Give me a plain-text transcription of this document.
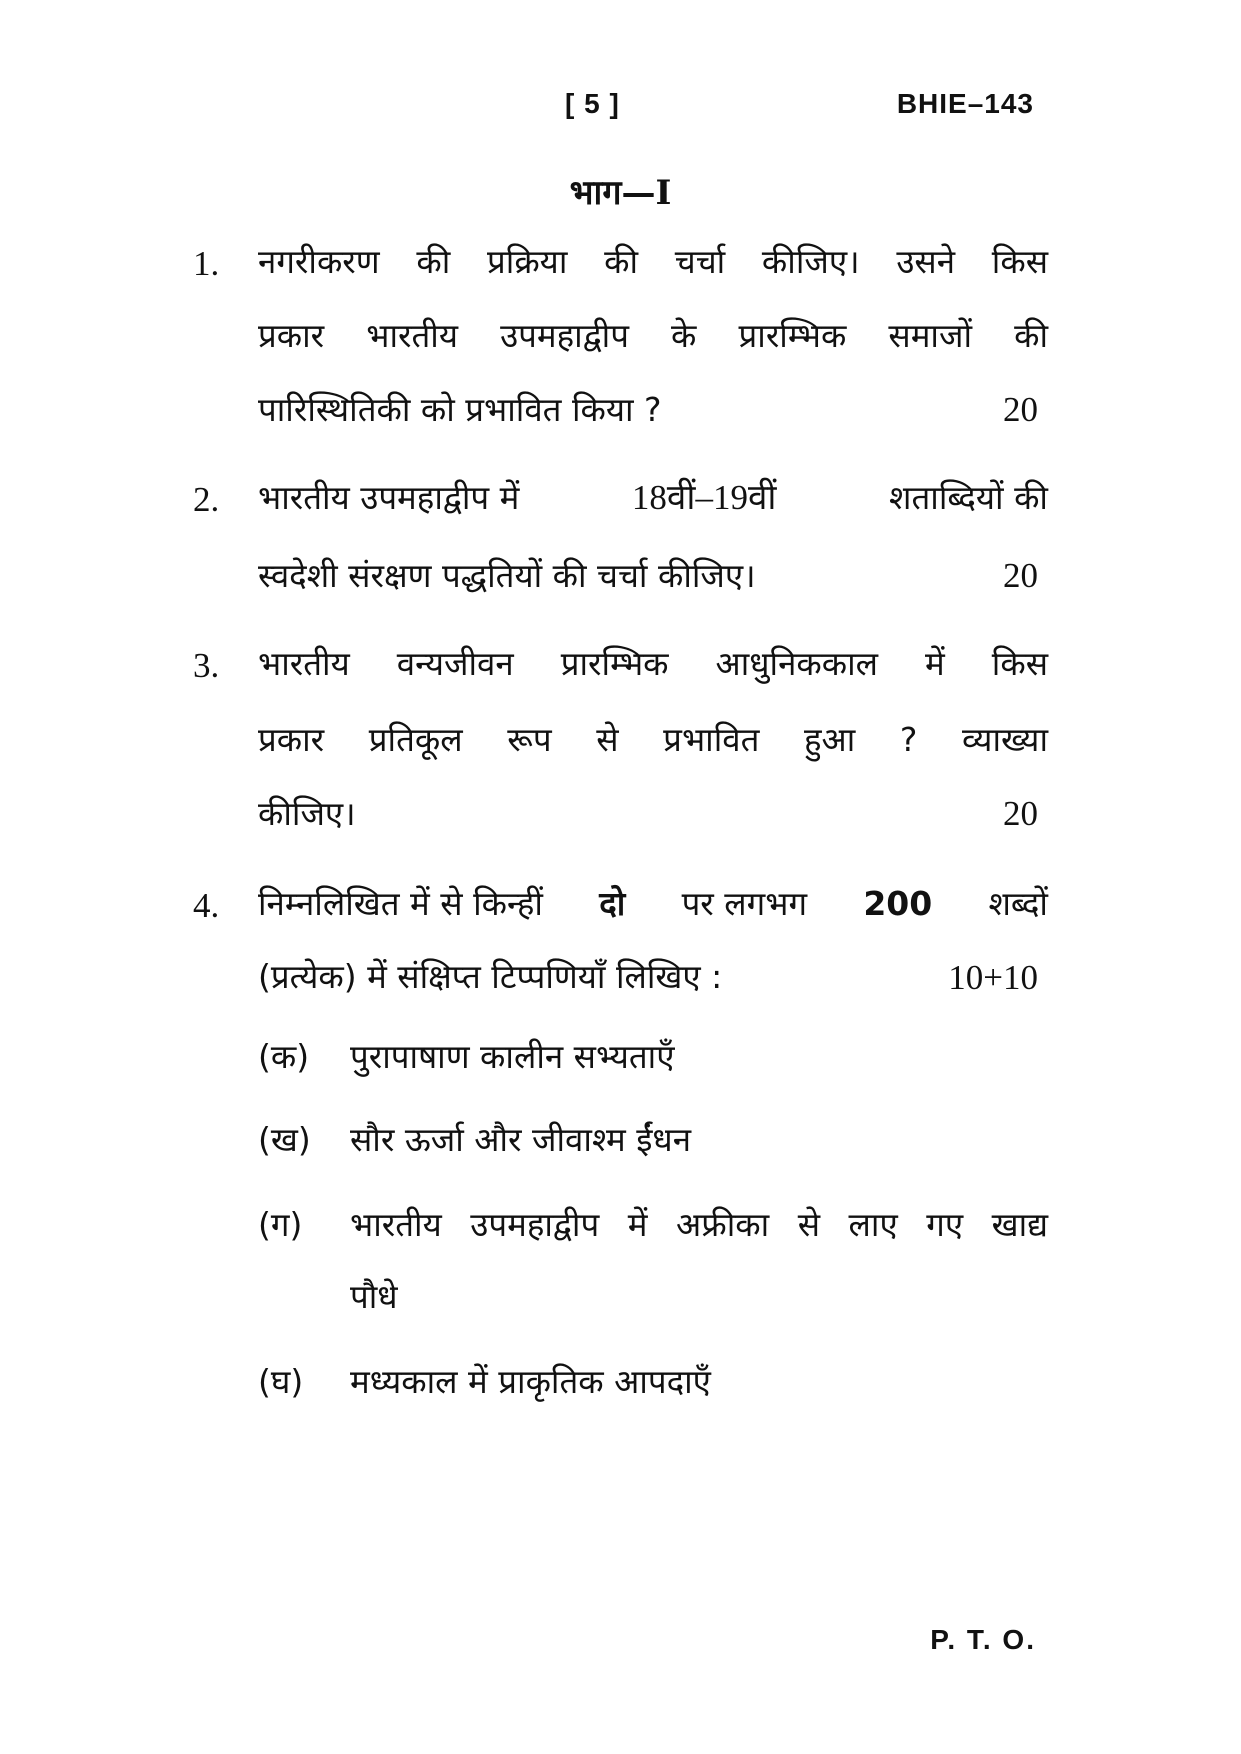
[ 5 ]	BHIE–143
भाग—I
1. नगरीकरण की प्रक्रिया की चर्चा कीजिए। उसने किस
प्रकार भारतीय उपमहाद्वीप के प्रारम्भिक समाजों की
पारिस्थितिकी को प्रभावित किया ?	20
2. भारतीय उपमहाद्वीप में	18वीं–19वीं	शताब्दियों की
स्वदेशी संरक्षण पद्धतियों की चर्चा कीजिए।	20
3. भारतीय वन्यजीवन प्रारम्भिक आधुनिककाल में किस
प्रकार प्रतिकूल रूप से प्रभावित हुआ ? व्याख्या
कीजिए।	20
4. निम्नलिखित में से किन्हीं दो पर लगभग 200 शब्दों
(प्रत्येक) में संक्षिप्त टिप्पणियाँ लिखिए :	10+10
(क) पुरापाषाण कालीन सभ्यताएँ
(ख) सौर ऊर्जा और जीवाश्म ईंधन
(ग) भारतीय उपमहाद्वीप में अफ्रीका से लाए गए खाद्य
पौधे
(घ) मध्यकाल में प्राकृतिक आपदाएँ
P. T. O.
